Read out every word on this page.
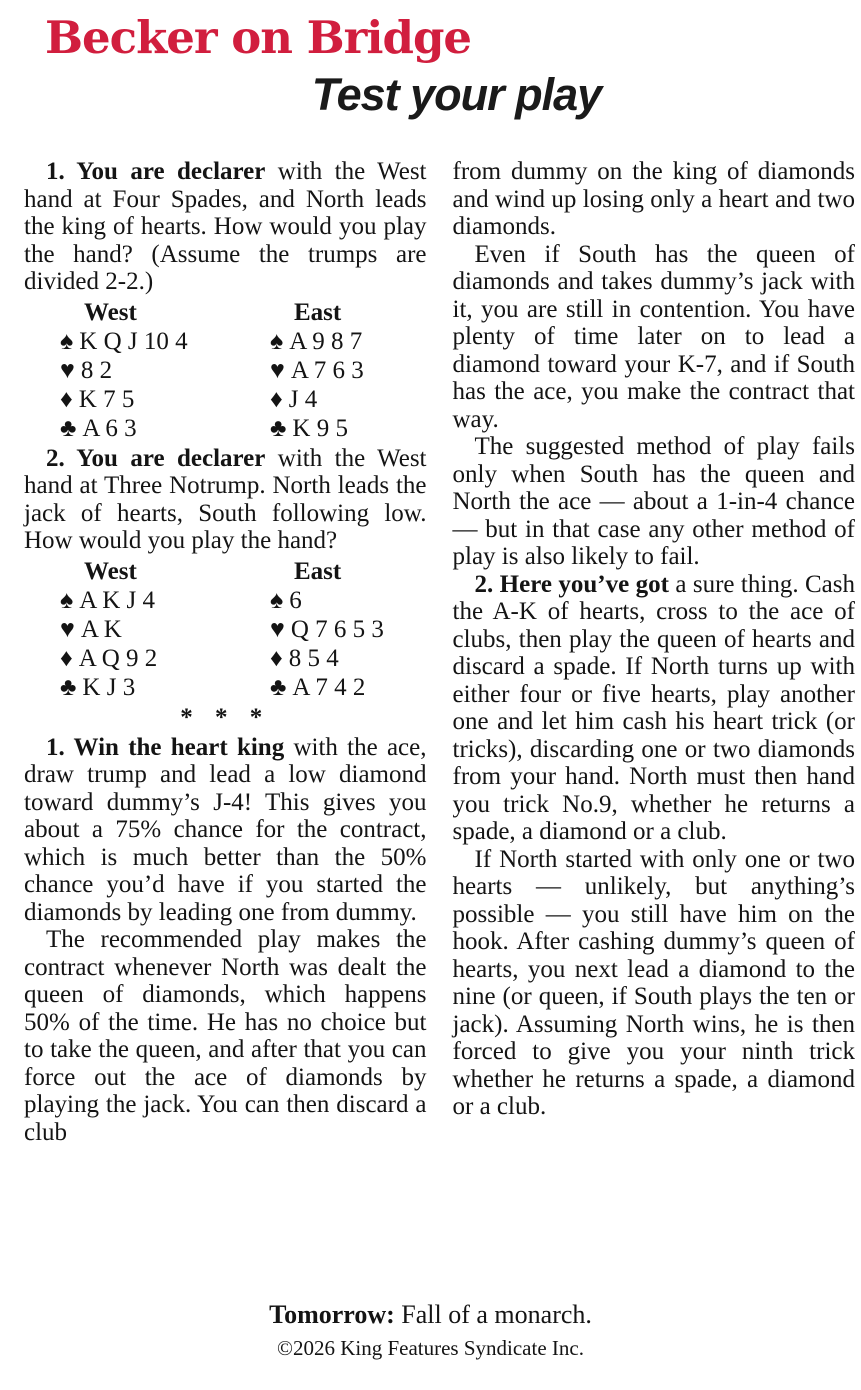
Becker on Bridge
Test your play

1. You are declarer with the West hand at Four Spades, and North leads the king of hearts. How would you play the hand? (Assume the trumps are divided 2-2.)

West
♠ K Q J 10 4
♥ 8 2
♦ K 7 5
♣ A 6 3
East
♠ A 9 8 7
♥ A 7 6 3
♦ J 4
♣ K 9 5

2. You are declarer with the West hand at Three Notrump. North leads the jack of hearts, South following low. How would you play the hand?

West
♠ A K J 4
♥ A K
♦ A Q 9 2
♣ K J 3
East
♠ 6
♥ Q 7 6 5 3
♦ 8 5 4
♣ A 7 4 2
* * *

1. Win the heart king with the ace, draw trump and lead a low diamond toward dummy’s J-4! This gives you about a 75% chance for the contract, which is much better than the 50% chance you’d have if you started the diamonds by leading one from dummy.

The recommended play makes the contract whenever North was dealt the queen of diamonds, which happens 50% of the time. He has no choice but to take the queen, and after that you can force out the ace of diamonds by playing the jack. You can then discard a club

from dummy on the king of diamonds and wind up losing only a heart and two diamonds.

Even if South has the queen of diamonds and takes dummy’s jack with it, you are still in contention. You have plenty of time later on to lead a diamond toward your K-7, and if South has the ace, you make the contract that way.

The suggested method of play fails only when South has the queen and North the ace — about a 1-in-4 chance — but in that case any other method of play is also likely to fail.

2. Here you’ve got a sure thing. Cash the A-K of hearts, cross to the ace of clubs, then play the queen of hearts and discard a spade. If North turns up with either four or five hearts, play another one and let him cash his heart trick (or tricks), discarding one or two diamonds from your hand. North must then hand you trick No.9, whether he returns a spade, a diamond or a club.

If North started with only one or two hearts — unlikely, but anything’s possible — you still have him on the hook. After cashing dummy’s queen of hearts, you next lead a diamond to the nine (or queen, if South plays the ten or jack). Assuming North wins, he is then forced to give you your ninth trick whether he returns a spade, a diamond or a club.

Tomorrow: Fall of a monarch.
©2026 King Features Syndicate Inc.
